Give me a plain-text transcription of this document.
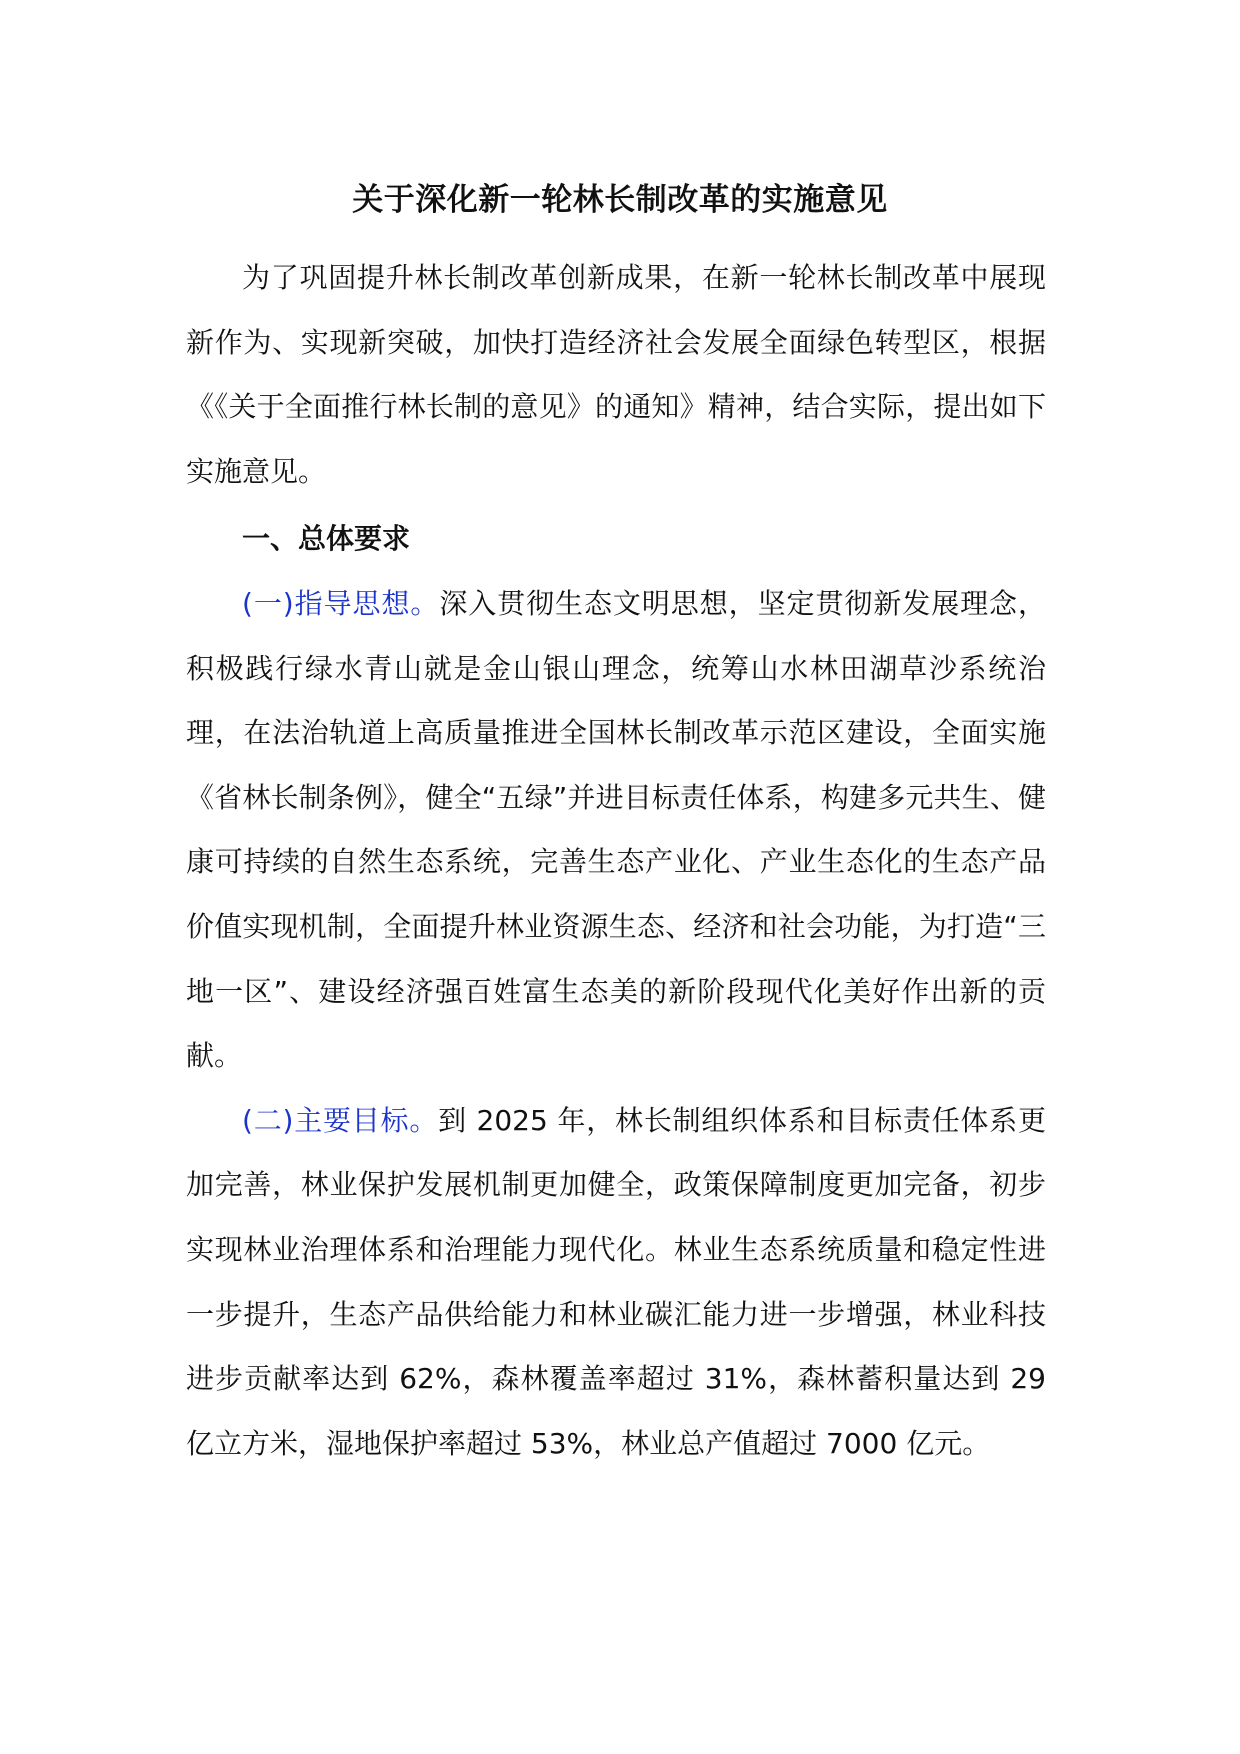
关于深化新一轮林长制改革的实施意见

为了巩固提升林长制改革创新成果，在新一轮林长制改革中展现新作为、实现新突破，加快打造经济社会发展全面绿色转型区，根据《《关于全面推行林长制的意见》的通知》精神，结合实际，提出如下实施意见。

一、总体要求

(一)指导思想。深入贯彻生态文明思想，坚定贯彻新发展理念，积极践行绿水青山就是金山银山理念，统筹山水林田湖草沙系统治理，在法治轨道上高质量推进全国林长制改革示范区建设，全面实施《省林长制条例》，健全“五绿”并进目标责任体系，构建多元共生、健康可持续的自然生态系统，完善生态产业化、产业生态化的生态产品价值实现机制，全面提升林业资源生态、经济和社会功能，为打造“三地一区”、建设经济强百姓富生态美的新阶段现代化美好作出新的贡献。

(二)主要目标。到 2025 年，林长制组织体系和目标责任体系更加完善，林业保护发展机制更加健全，政策保障制度更加完备，初步实现林业治理体系和治理能力现代化。林业生态系统质量和稳定性进一步提升，生态产品供给能力和林业碳汇能力进一步增强，林业科技进步贡献率达到 62%，森林覆盖率超过 31%，森林蓄积量达到 29 亿立方米，湿地保护率超过 53%，林业总产值超过 7000 亿元。
